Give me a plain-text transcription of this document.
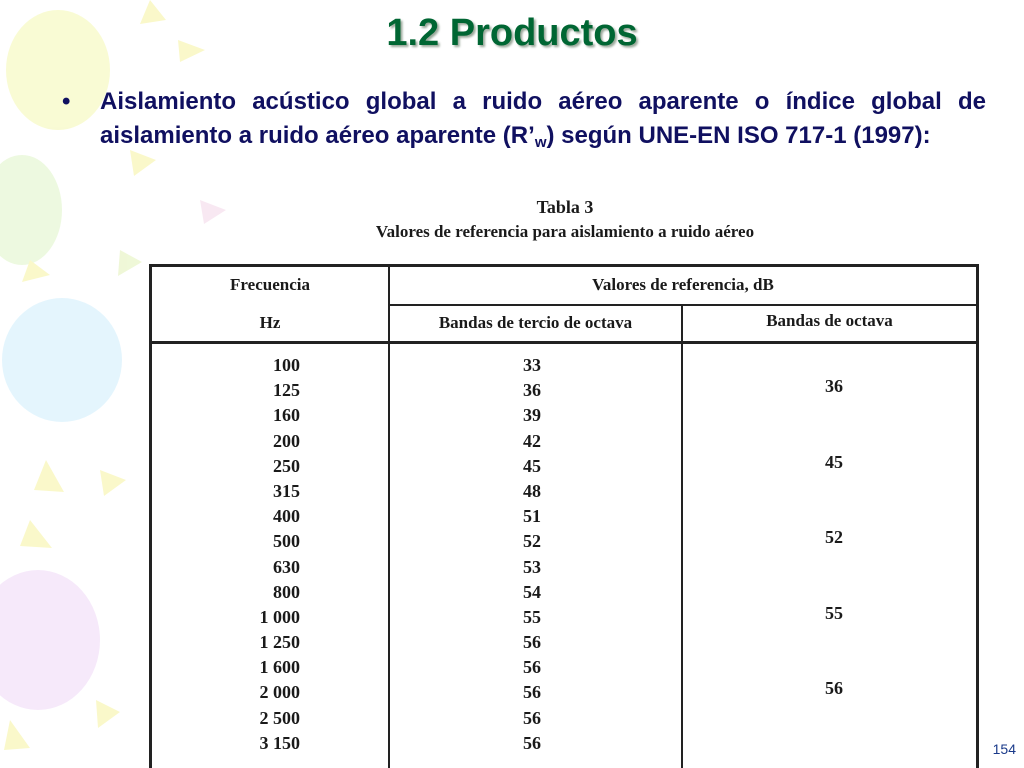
1.2 Productos
• Aislamiento acústico global a ruido aéreo aparente o índice global de aislamiento a ruido aéreo aparente $(R’_w)$ según UNE-EN ISO 717-1 (1997):
Tabla 3
Valores de referencia para aislamiento a ruido aéreo
Frecuencia
Hz
Valores de referencia, dB
Bandas de tercio de octava	Bandas de octava
100
125
160
200
250
315
400
500
630
800
1 000
1 250
1 600
2 000
2 500
3 150
33
36
39
42
45
48
51
52
53
54
55
56
56
56
56
56
36
45
52
55
56
154
